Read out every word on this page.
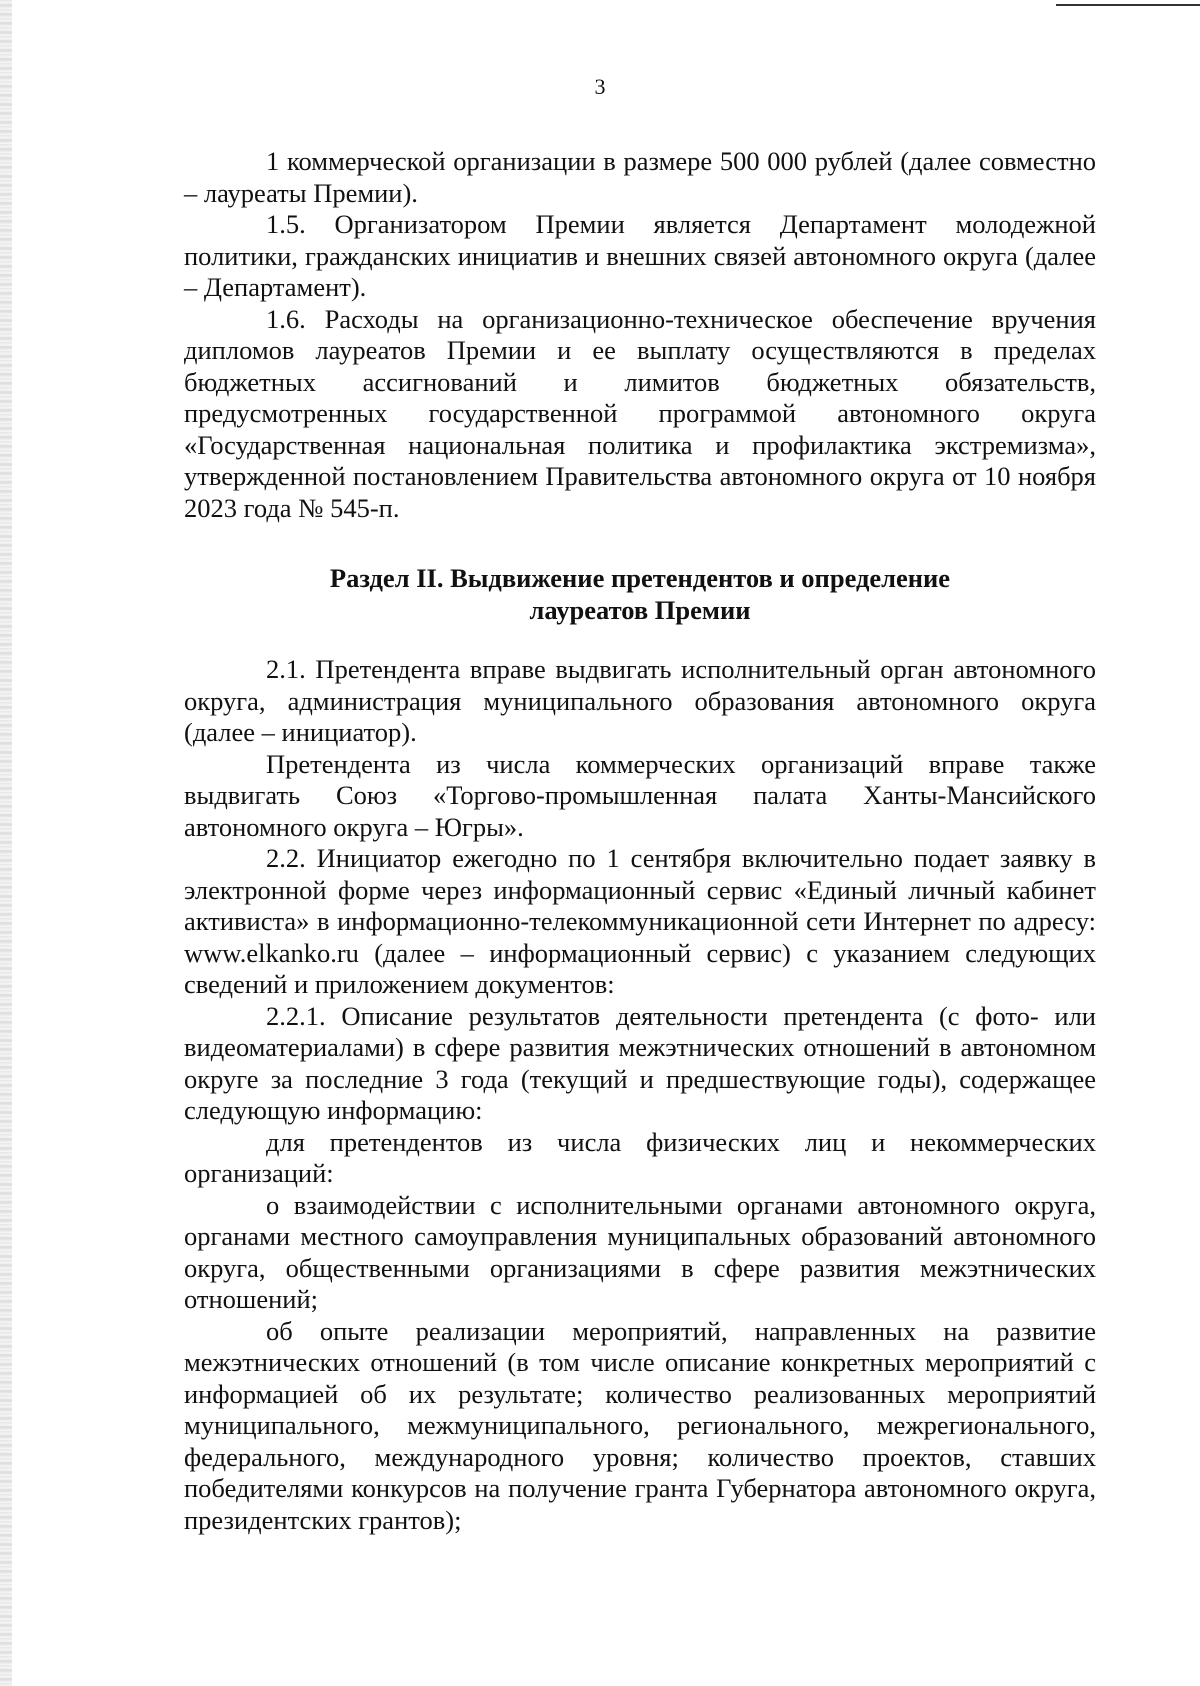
3

1 коммерческой организации в размере 500 000 рублей (далее совместно – лауреаты Премии).

1.5. Организатором Премии является Департамент молодежной политики, гражданских инициатив и внешних связей автономного округа (далее – Департамент).

1.6. Расходы на организационно-техническое обеспечение вручения дипломов лауреатов Премии и ее выплату осуществляются в пределах бюджетных ассигнований и лимитов бюджетных обязательств, предусмотренных государственной программой автономного округа «Государственная национальная политика и профилактика экстремизма», утвержденной постановлением Правительства автономного округа от 10 ноября 2023 года № 545-п.

Раздел II. Выдвижение претендентов и определение
лауреатов Премии

2.1. Претендента вправе выдвигать исполнительный орган автономного округа, администрация муниципального образования автономного округа (далее – инициатор).

Претендента из числа коммерческих организаций вправе также выдвигать Союз «Торгово-промышленная палата Ханты-Мансийского автономного округа – Югры».

2.2. Инициатор ежегодно по 1 сентября включительно подает заявку в электронной форме через информационный сервис «Единый личный кабинет активиста» в информационно-телекоммуникационной сети Интернет по адресу: www.elkanko.ru (далее – информационный сервис) с указанием следующих сведений и приложением документов:

2.2.1. Описание результатов деятельности претендента (с фото- или видеоматериалами) в сфере развития межэтнических отношений в автономном округе за последние 3 года (текущий и предшествующие годы), содержащее следующую информацию:

для претендентов из числа физических лиц и некоммерческих организаций:

о взаимодействии с исполнительными органами автономного округа, органами местного самоуправления муниципальных образований автономного округа, общественными организациями в сфере развития межэтнических отношений;

об опыте реализации мероприятий, направленных на развитие межэтнических отношений (в том числе описание конкретных мероприятий с информацией об их результате; количество реализованных мероприятий муниципального, межмуниципального, регионального, межрегионального, федерального, международного уровня; количество проектов, ставших победителями конкурсов на получение гранта Губернатора автономного округа, президентских грантов);
